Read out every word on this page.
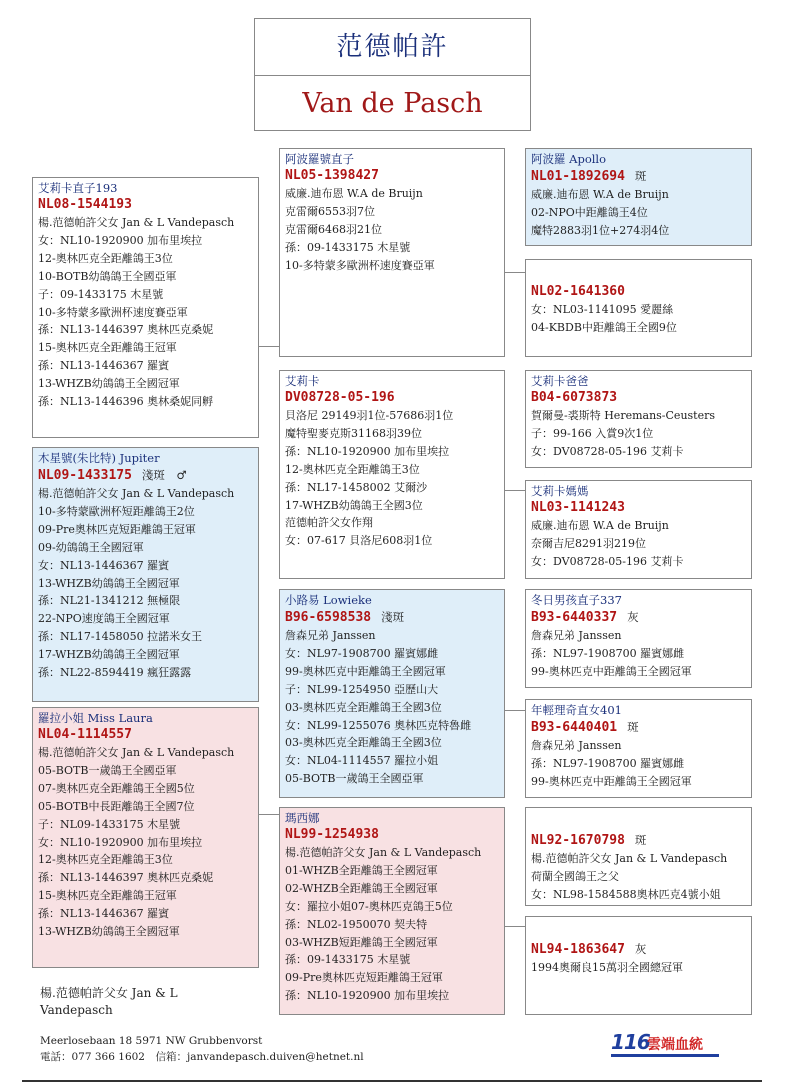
范德帕許
Van de Pasch
艾莉卡直子193
NL08-1544193
楊.范德帕許父女 Jan & L Vandepasch
女：NL10-1920900 加布里埃拉
12-奧林匹克全距離鴿王3位
10-BOTB幼鴿鴿王全國亞軍
子：09-1433175 木星號
10-多特蒙多歐洲杯速度賽亞軍
孫：NL13-1446397 奧林匹克桑妮
15-奧林匹克全距離鴿王冠軍
孫：NL13-1446367 羅賓
13-WHZB幼鴿鴿王全國冠軍
孫：NL13-1446396 奧林桑妮同孵
木星號(朱比特) Jupiter
NL09-1433175 淺斑　♂
楊.范德帕許父女 Jan & L Vandepasch
10-多特蒙歐洲杯短距離鴿王2位
09-Pre奧林匹克短距離鴿王冠軍
09-幼鴿鴿王全國冠軍
女：NL13-1446367 羅賓
13-WHZB幼鴿鴿王全國冠軍
孫：NL21-1341212 無極限
22-NPO速度鴿王全國冠軍
孫：NL17-1458050 拉諾米女王
17-WHZB幼鴿鴿王全國冠軍
孫：NL22-8594419 瘋狂露露
羅拉小姐 Miss Laura
NL04-1114557
楊.范德帕許父女 Jan & L Vandepasch
05-BOTB一歲鴿王全國亞軍
07-奧林匹克全距離鴿王全國5位
05-BOTB中長距離鴿王全國7位
子：NL09-1433175 木星號
女：NL10-1920900 加布里埃拉
12-奧林匹克全距離鴿王3位
孫：NL13-1446397 奧林匹克桑妮
15-奧林匹克全距離鴿王冠軍
孫：NL13-1446367 羅賓
13-WHZB幼鴿鴿王全國冠軍
阿波羅號直子
NL05-1398427
威廉.迪布恩 W.A de Bruijn
克雷爾6553羽7位
克雷爾6468羽21位
孫：09-1433175 木星號
10-多特蒙多歐洲杯速度賽亞軍
艾莉卡
DV08728-05-196
貝洛尼 29149羽1位-57686羽1位
魔特聖麥克斯31168羽39位
孫：NL10-1920900 加布里埃拉
12-奧林匹克全距離鴿王3位
孫：NL17-1458002 艾爾沙
17-WHZB幼鴿鴿王全國3位
范德帕許父女作翔
女：07-617 貝洛尼608羽1位
小路易 Lowieke
B96-6598538 淺斑
詹森兄弟 Janssen
女：NL97-1908700 羅賓娜雌
99-奧林匹克中距離鴿王全國冠軍
子：NL99-1254950 亞歷山大
03-奧林匹克全距離鴿王全國3位
女：NL99-1255076 奧林匹克特魯雌
03-奧林匹克全距離鴿王全國3位
女：NL04-1114557 羅拉小姐
05-BOTB一歲鴿王全國亞軍
瑪西娜
NL99-1254938
楊.范德帕許父女 Jan & L Vandepasch
01-WHZB全距離鴿王全國冠軍
02-WHZB全距離鴿王全國冠軍
女：羅拉小姐07-奧林匹克鴿王5位
孫：NL02-1950070 契夫特
03-WHZB短距離鴿王全國冠軍
孫：09-1433175 木星號
09-Pre奧林匹克短距離鴿王冠軍
孫：NL10-1920900 加布里埃拉
阿波羅 Apollo
NL01-1892694 斑
威廉.迪布恩 W.A de Bruijn
02-NPO中距離鴿王4位
魔特2883羽1位+274羽4位
NL02-1641360
女：NL03-1141095 愛麗絲
04-KBDB中距離鴿王全國9位
艾莉卡爸爸
B04-6073873
賀爾曼-裘斯特 Heremans-Ceusters
子：99-166 入賞9次1位
女：DV08728-05-196 艾莉卡
艾莉卡媽媽
NL03-1141243
威廉.迪布恩 W.A de Bruijn
奈爾吉尼8291羽219位
女：DV08728-05-196 艾莉卡
冬日男孩直子337
B93-6440337 灰
詹森兄弟 Janssen
孫：NL97-1908700 羅賓娜雌
99-奧林匹克中距離鴿王全國冠軍
年輕理奇直女401
B93-6440401 斑
詹森兄弟 Janssen
孫：NL97-1908700 羅賓娜雌
99-奧林匹克中距離鴿王全國冠軍
NL92-1670798 斑
楊.范德帕許父女 Jan & L Vandepasch
荷蘭全國鴿王之父
女：NL98-1584588奧林匹克4號小姐
NL94-1863647 灰
1994奧爾良15萬羽全國總冠軍
楊.范德帕許父女 Jan & L Vandepasch
Meerlosebaan 18 5971 NW Grubbenvorst
電話：077 366 1602　信箱：janvandepasch.duiven@hetnet.nl
116
雲端血統
